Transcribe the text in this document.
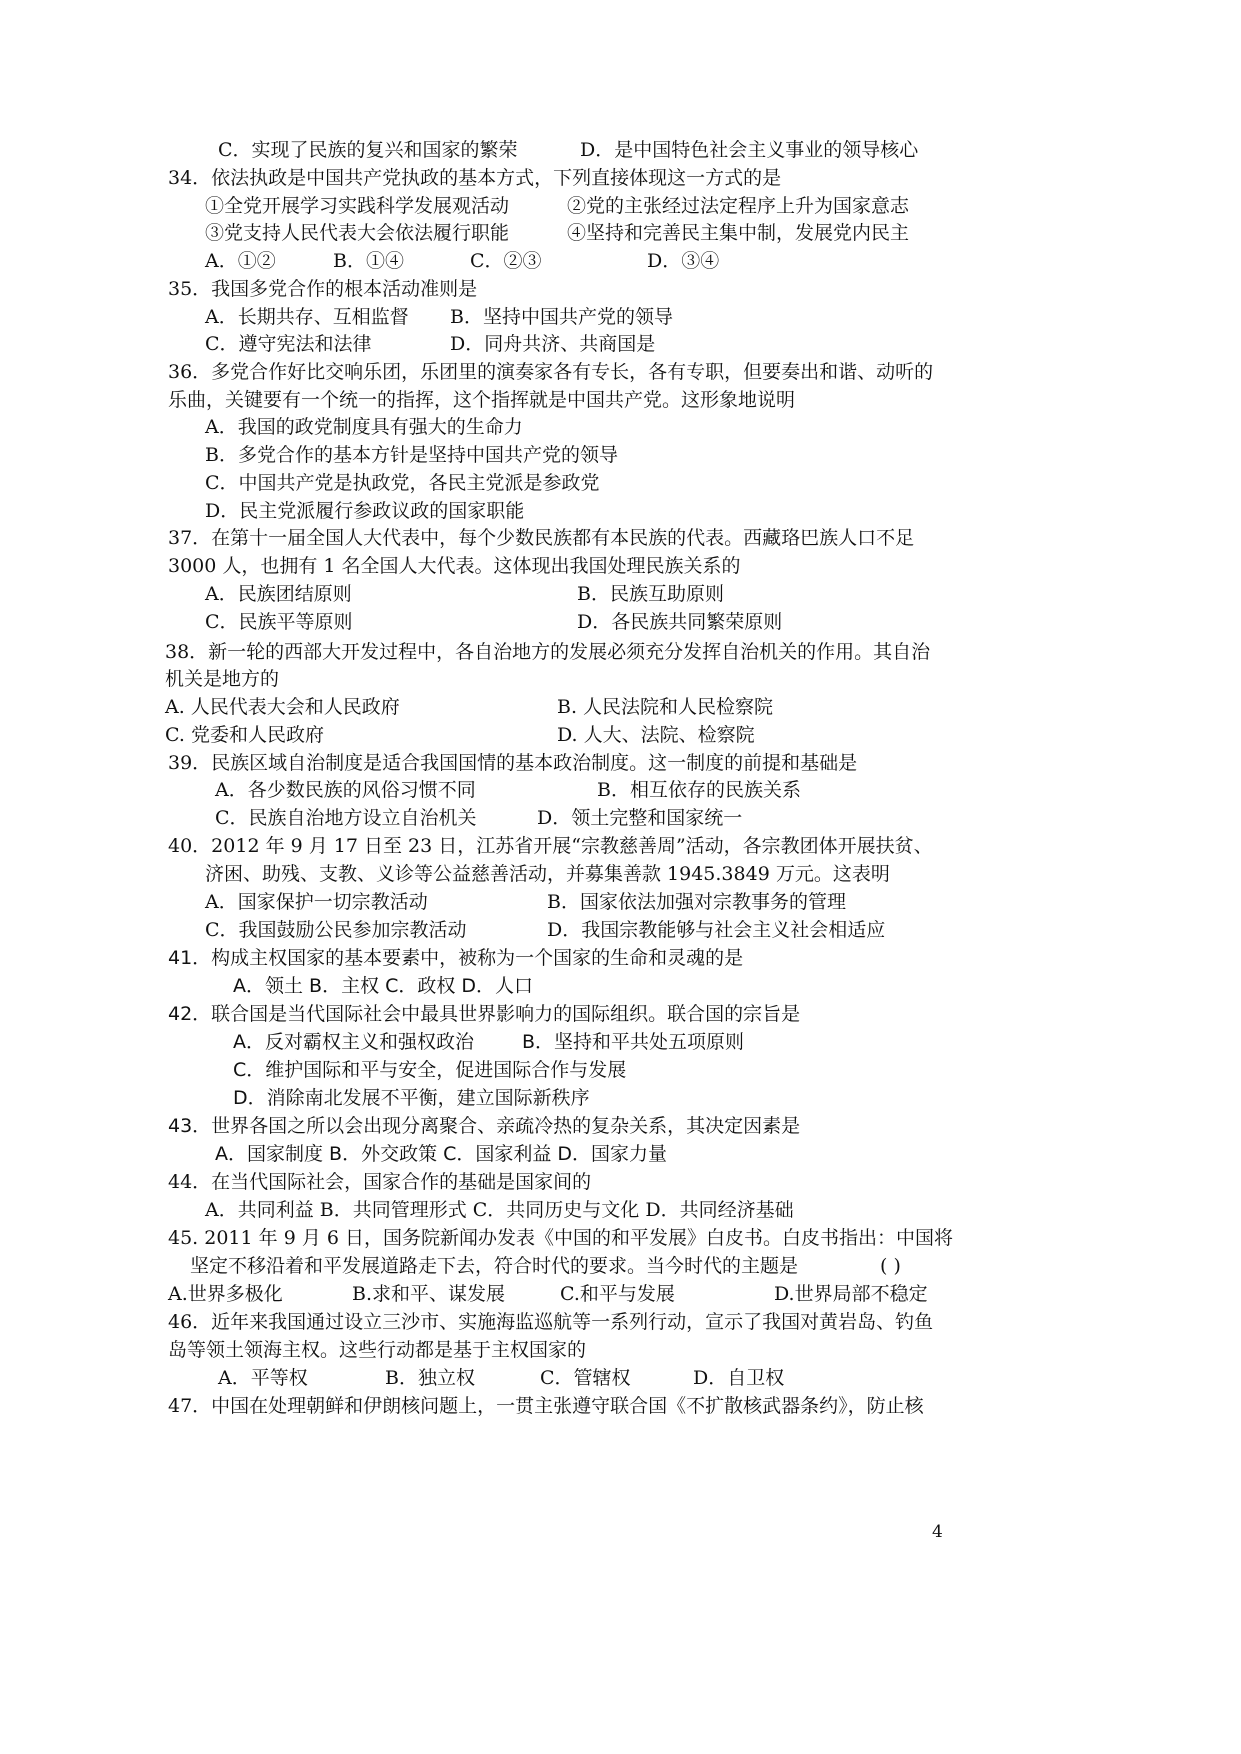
C．实现了民族的复兴和国家的繁荣	D．是中国特色社会主义事业的领导核心
34．依法执政是中国共产党执政的基本方式，下列直接体现这一方式的是
①全党开展学习实践科学发展观活动	②党的主张经过法定程序上升为国家意志
③党支持人民代表大会依法履行职能	④坚持和完善民主集中制，发展党内民主
A．①②	B．①④	C．②③	D．③④
35．我国多党合作的根本活动准则是
A．长期共存、互相监督 B．坚持中国共产党的领导
C．遵守宪法和法律	D．同舟共济、共商国是
36．多党合作好比交响乐团，乐团里的演奏家各有专长，各有专职，但要奏出和谐、动听的
乐曲，关键要有一个统一的指挥，这个指挥就是中国共产党。这形象地说明
A．我国的政党制度具有强大的生命力
B．多党合作的基本方针是坚持中国共产党的领导
C．中国共产党是执政党，各民主党派是参政党
D．民主党派履行参政议政的国家职能
37．在第十一届全国人大代表中，每个少数民族都有本民族的代表。西藏珞巴族人口不足
3000 人，也拥有 1 名全国人大代表。这体现出我国处理民族关系的
A．民族团结原则	B．民族互助原则
C．民族平等原则	D．各民族共同繁荣原则
38．新一轮的西部大开发过程中，各自治地方的发展必须充分发挥自治机关的作用。其自治
机关是地方的
A. 人民代表大会和人民政府	B. 人民法院和人民检察院
C. 党委和人民政府	D. 人大、法院、检察院
39．民族区域自治制度是适合我国国情的基本政治制度。这一制度的前提和基础是
A．各少数民族的风俗习惯不同	B．相互依存的民族关系
C．民族自治地方设立自治机关	D．领土完整和国家统一
40．2012 年 9 月 17 日至 23 日，江苏省开展“宗教慈善周”活动，各宗教团体开展扶贫、
济困、助残、支教、义诊等公益慈善活动，并募集善款 1945.3849 万元。这表明
A．国家保护一切宗教活动	B．国家依法加强对宗教事务的管理
C．我国鼓励公民参加宗教活动	D．我国宗教能够与社会主义社会相适应
41．构成主权国家的基本要素中，被称为一个国家的生命和灵魂的是
A．领土 B．主权 C．政权 D．人口
42．联合国是当代国际社会中最具世界影响力的国际组织。联合国的宗旨是
A．反对霸权主义和强权政治	B．坚持和平共处五项原则
C．维护国际和平与安全，促进国际合作与发展
D．消除南北发展不平衡，建立国际新秩序
43．世界各国之所以会出现分离聚合、亲疏冷热的复杂关系，其决定因素是
A．国家制度 B．外交政策 C．国家利益 D．国家力量
44．在当代国际社会，国家合作的基础是国家间的
A．共同利益 B．共同管理形式 C．共同历史与文化 D．共同经济基础
45. 2011 年 9 月 6 日，国务院新闻办发表《中国的和平发展》白皮书。白皮书指出：中国将
坚定不移沿着和平发展道路走下去，符合时代的要求。当今时代的主题是	( )
A.世界多极化	B.求和平、谋发展	C.和平与发展	D.世界局部不稳定
46．近年来我国通过设立三沙市、实施海监巡航等一系列行动，宣示了我国对黄岩岛、钓鱼
岛等领土领海主权。这些行动都是基于主权国家的
A．平等权	B．独立权	C．管辖权	D．自卫权
47．中国在处理朝鲜和伊朗核问题上，一贯主张遵守联合国《不扩散核武器条约》，防止核
4
